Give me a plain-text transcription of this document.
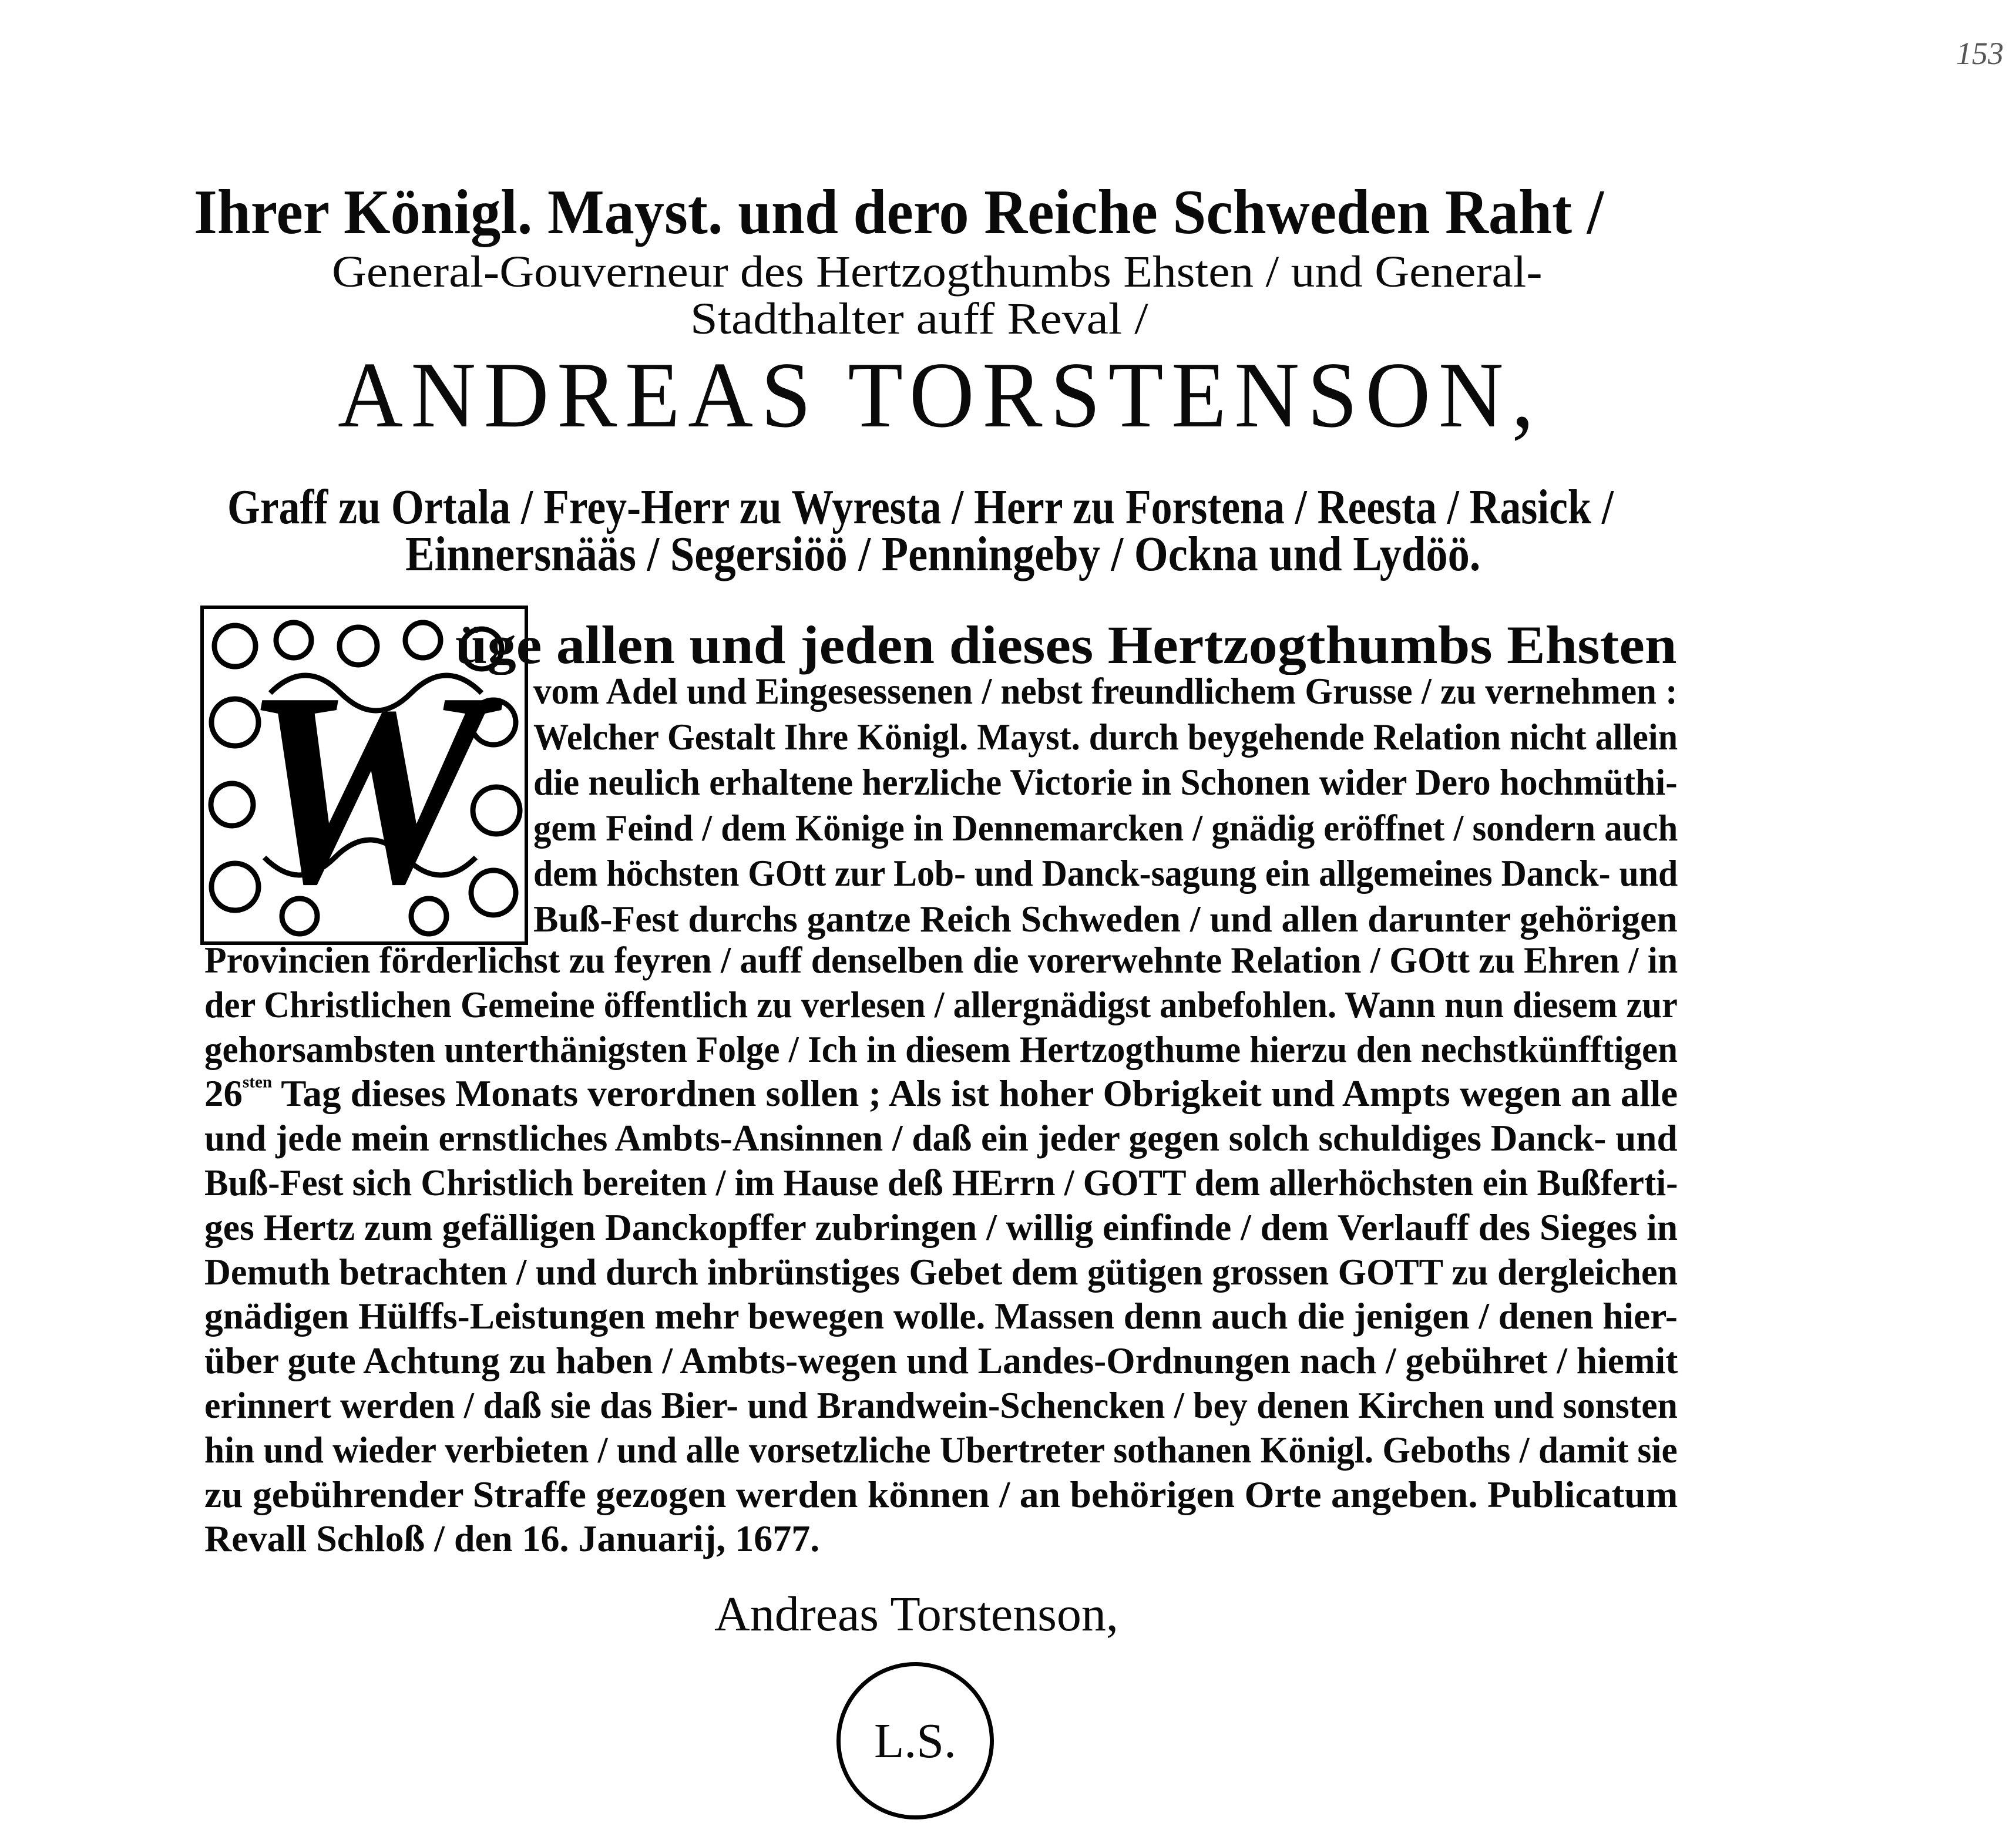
153
Ihrer Königl. Mayst. und dero Reiche Schweden Raht /
General-Gouverneur des Hertzogthumbs Ehsten / und General-
Stadthalter auff Reval /
ANDREAS TORSTENSON,
Graff zu Ortala / Frey-Herr zu Wyresta / Herr zu Forstena / Reesta / Rasick /
Einnersnääs / Segersiöö / Penningeby / Ockna und Lydöö.
W
üge allen und jeden dieses Hertzogthumbs Ehsten
vom Adel und Eingesessenen / nebst freundlichem Grusse / zu vernehmen :
Welcher Gestalt Ihre Königl. Mayst. durch beygehende Relation nicht allein
die neulich erhaltene herzliche Victorie in Schonen wider Dero hochmüthi-
gem Feind / dem Könige in Dennemarcken / gnädig eröffnet / sondern auch
dem höchsten GOtt zur Lob- und Danck-sagung ein allgemeines Danck- und
Buß-Fest durchs gantze Reich Schweden / und allen darunter gehörigen
Provincien förderlichst zu feyren / auff denselben die vorerwehnte Relation / GOtt zu Ehren / in
der Christlichen Gemeine öffentlich zu verlesen / allergnädigst anbefohlen. Wann nun diesem zur
gehorsambsten unterthänigsten Folge / Ich in diesem Hertzogthume hierzu den nechstkünfftigen
$26^{sten}$ Tag dieses Monats verordnen sollen ; Als ist hoher Obrigkeit und Ampts wegen an alle
und jede mein ernstliches Ambts-Ansinnen / daß ein jeder gegen solch schuldiges Danck- und
Buß-Fest sich Christlich bereiten / im Hause deß HErrn / GOTT dem allerhöchsten ein Bußferti-
ges Hertz zum gefälligen Danckopffer zubringen / willig einfinde / dem Verlauff des Sieges in
Demuth betrachten / und durch inbrünstiges Gebet dem gütigen grossen GOTT zu dergleichen
gnädigen Hülffs-Leistungen mehr bewegen wolle. Massen denn auch die jenigen / denen hier-
über gute Achtung zu haben / Ambts-wegen und Landes-Ordnungen nach / gebühret / hiemit
erinnert werden / daß sie das Bier- und Brandwein-Schencken / bey denen Kirchen und sonsten
hin und wieder verbieten / und alle vorsetzliche Ubertreter sothanen Königl. Geboths / damit sie
zu gebührender Straffe gezogen werden können / an behörigen Orte angeben. Publicatum
Revall Schloß / den 16. Januarij, 1677.
Andreas Torstenson,
L.S.
